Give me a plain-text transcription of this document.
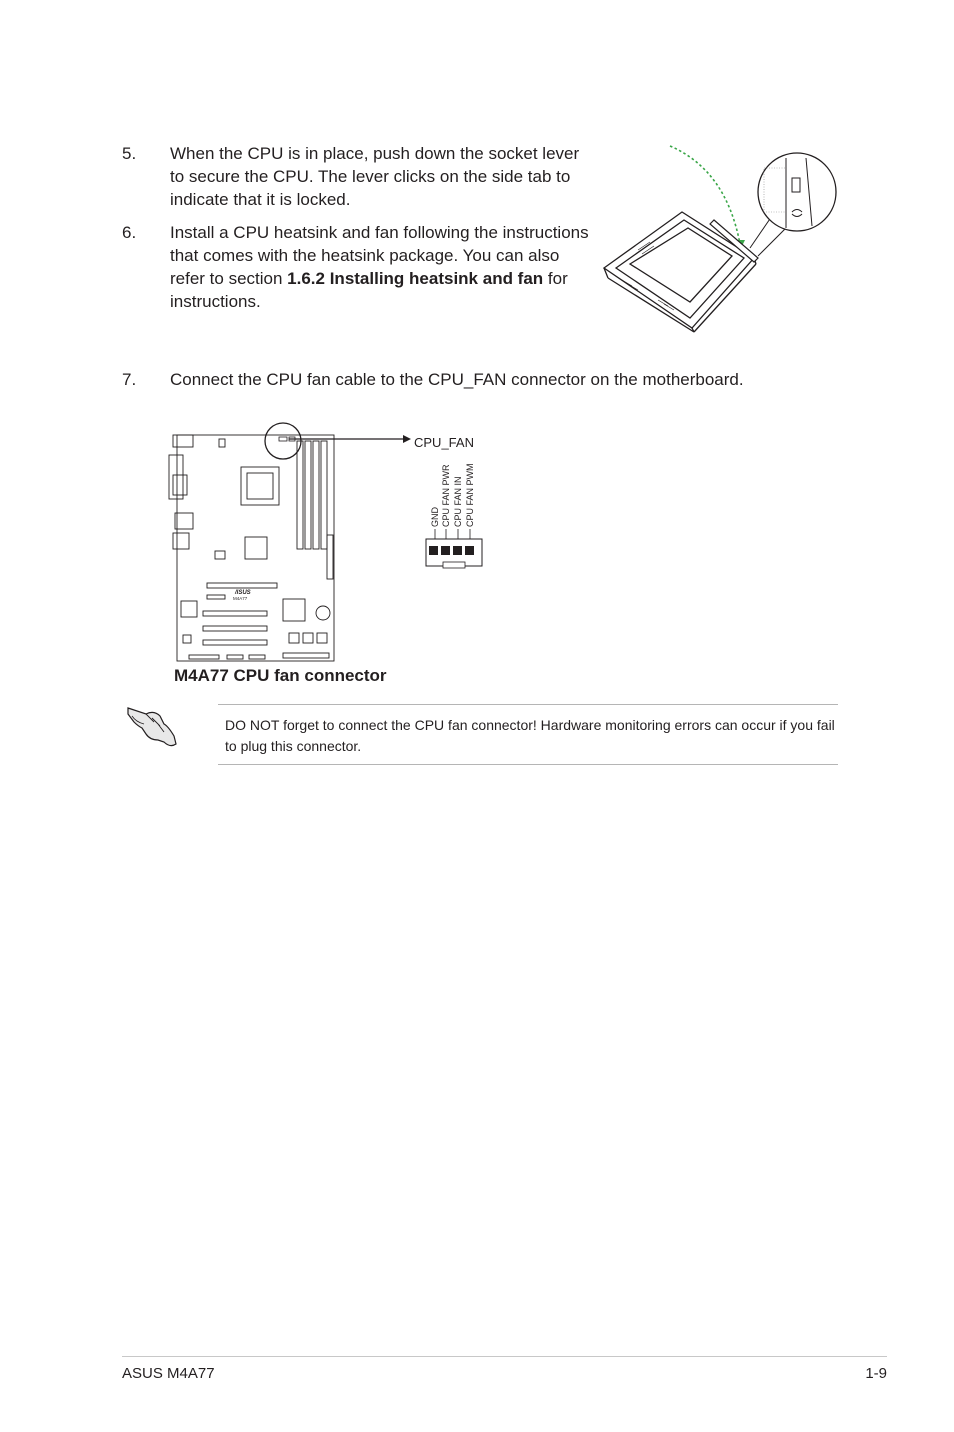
5.	When the CPU is in place, push down the socket lever to secure the CPU. The lever clicks on the side tab to indicate that it is locked.
6.	Install a CPU heatsink and fan following the instructions that comes with the heatsink package. You can also refer to section 1.6.2 Installing heatsink and fan for instructions.
7.	Connect the CPU fan cable to the CPU_FAN connector on the motherboard.
/ISUS
M4A77
CPU_FAN
GND CPU FAN PWR CPU FAN IN CPU FAN PWM
M4A77 CPU fan connector
DO NOT forget to connect the CPU fan connector! Hardware monitoring errors can occur if you fail to plug this connector.
ASUS M4A77	1-9
